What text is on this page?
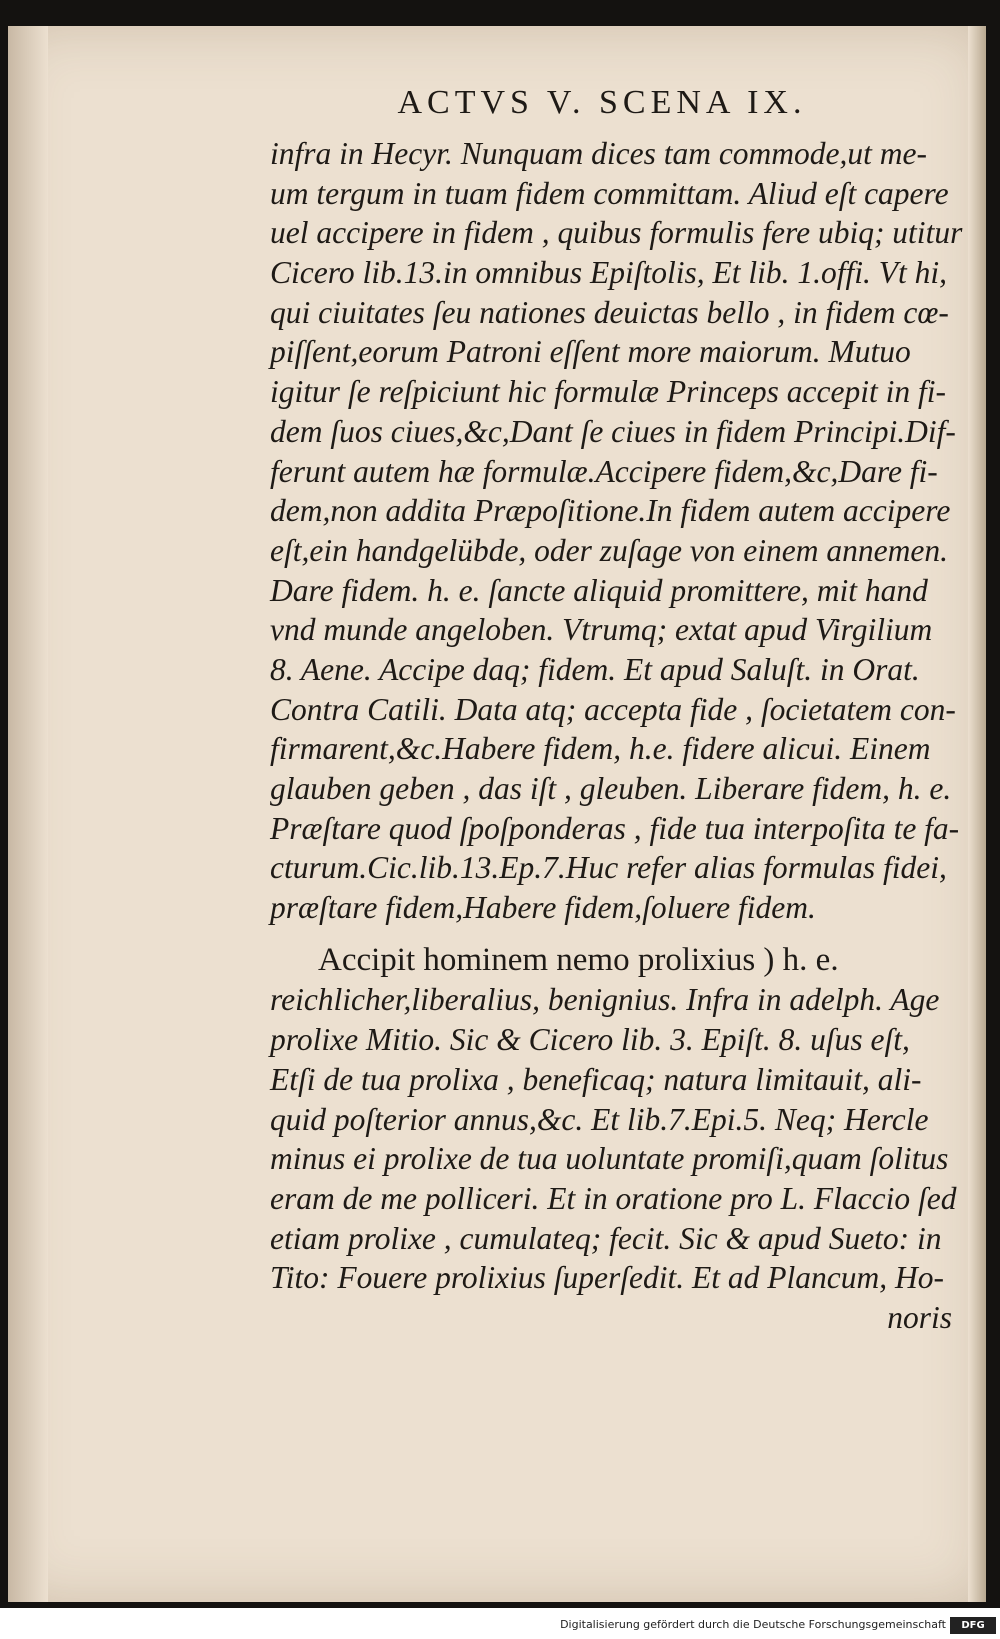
ACTVS V. SCENA IX.
infra in Hecyr. Nunquam dices tam commode,ut me-
um tergum in tuam fidem committam. Aliud eſt capere
uel accipere in fidem , quibus formulis fere ubiq; utitur
Cicero lib.13.in omnibus Epiſtolis, Et lib. 1.offi. Vt hi,
qui ciuitates ſeu nationes deuictas bello , in fidem cœ-
piſſent,eorum Patroni eſſent more maiorum. Mutuo
igitur ſe reſpiciunt hic formulæ Princeps accepit in fi-
dem ſuos ciues,&c,Dant ſe ciues in fidem Principi.Dif-
ferunt autem hæ formulæ.Accipere fidem,&c,Dare fi-
dem,non addita Præpoſitione.In fidem autem accipere
eſt,ein handgelübde, oder zuſage von einem annemen.
Dare fidem. h. e. ſancte aliquid promittere, mit hand
vnd munde angeloben. Vtrumq; extat apud Virgilium
8. Aene. Accipe daq; fidem. Et apud Saluſt. in Orat.
Contra Catili. Data atq; accepta fide , ſocietatem con-
firmarent,&c.Habere fidem, h.e. fidere alicui. Einem
glauben geben , das iſt , gleuben. Liberare fidem, h. e.
Præſtare quod ſpoſponderas , fide tua interpoſita te fa-
cturum.Cic.lib.13.Ep.7.Huc refer alias formulas fidei,
præſtare fidem,Habere fidem,ſoluere fidem.
Accipit hominem nemo prolixius ) h. e.
reichlicher,liberalius, benignius. Infra in adelph. Age
prolixe Mitio. Sic & Cicero lib. 3. Epiſt. 8. uſus eſt,
Etſi de tua prolixa , beneficaq; natura limitauit, ali-
quid poſterior annus,&c. Et lib.7.Epi.5. Neq; Hercle
minus ei prolixe de tua uoluntate promiſi,quam ſolitus
eram de me polliceri. Et in oratione pro L. Flaccio ſed
etiam prolixe , cumulateq; fecit. Sic & apud Sueto: in
Tito: Fouere prolixius ſuperſedit. Et ad Plancum, Ho-
noris
Digitalisierung gefördert durch die Deutsche Forschungsgemeinschaft	DFG
